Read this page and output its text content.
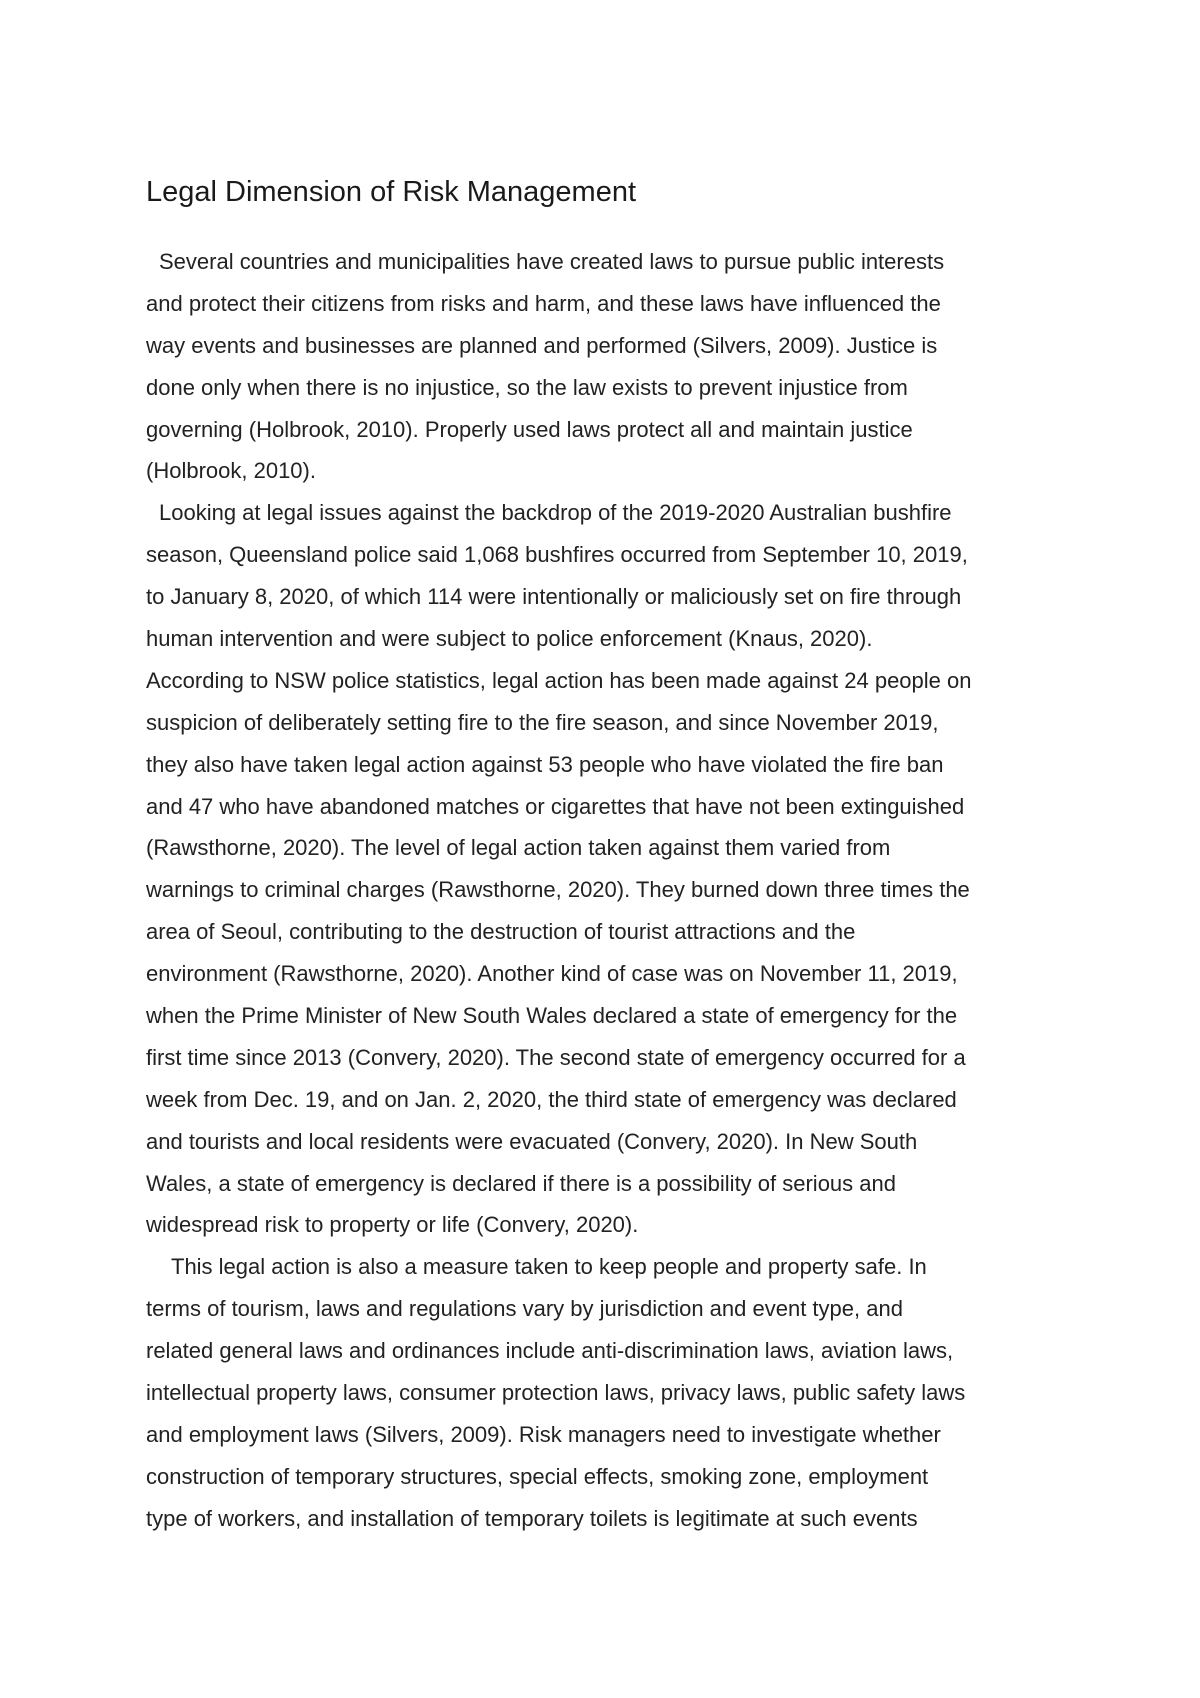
Legal Dimension of Risk Management
Several countries and municipalities have created laws to pursue public interests
and protect their citizens from risks and harm, and these laws have influenced the
way events and businesses are planned and performed (Silvers, 2009). Justice is
done only when there is no injustice, so the law exists to prevent injustice from
governing (Holbrook, 2010). Properly used laws protect all and maintain justice
(Holbrook, 2010).
Looking at legal issues against the backdrop of the 2019-2020 Australian bushfire
season, Queensland police said 1,068 bushfires occurred from September 10, 2019,
to January 8, 2020, of which 114 were intentionally or maliciously set on fire through
human intervention and were subject to police enforcement (Knaus, 2020).
According to NSW police statistics, legal action has been made against 24 people on
suspicion of deliberately setting fire to the fire season, and since November 2019,
they also have taken legal action against 53 people who have violated the fire ban
and 47 who have abandoned matches or cigarettes that have not been extinguished
(Rawsthorne, 2020). The level of legal action taken against them varied from
warnings to criminal charges (Rawsthorne, 2020). They burned down three times the
area of Seoul, contributing to the destruction of tourist attractions and the
environment (Rawsthorne, 2020). Another kind of case was on November 11, 2019,
when the Prime Minister of New South Wales declared a state of emergency for the
first time since 2013 (Convery, 2020). The second state of emergency occurred for a
week from Dec. 19, and on Jan. 2, 2020, the third state of emergency was declared
and tourists and local residents were evacuated (Convery, 2020). In New South
Wales, a state of emergency is declared if there is a possibility of serious and
widespread risk to property or life (Convery, 2020).
This legal action is also a measure taken to keep people and property safe. In
terms of tourism, laws and regulations vary by jurisdiction and event type, and
related general laws and ordinances include anti-discrimination laws, aviation laws,
intellectual property laws, consumer protection laws, privacy laws, public safety laws
and employment laws (Silvers, 2009). Risk managers need to investigate whether
construction of temporary structures, special effects, smoking zone, employment
type of workers, and installation of temporary toilets is legitimate at such events
